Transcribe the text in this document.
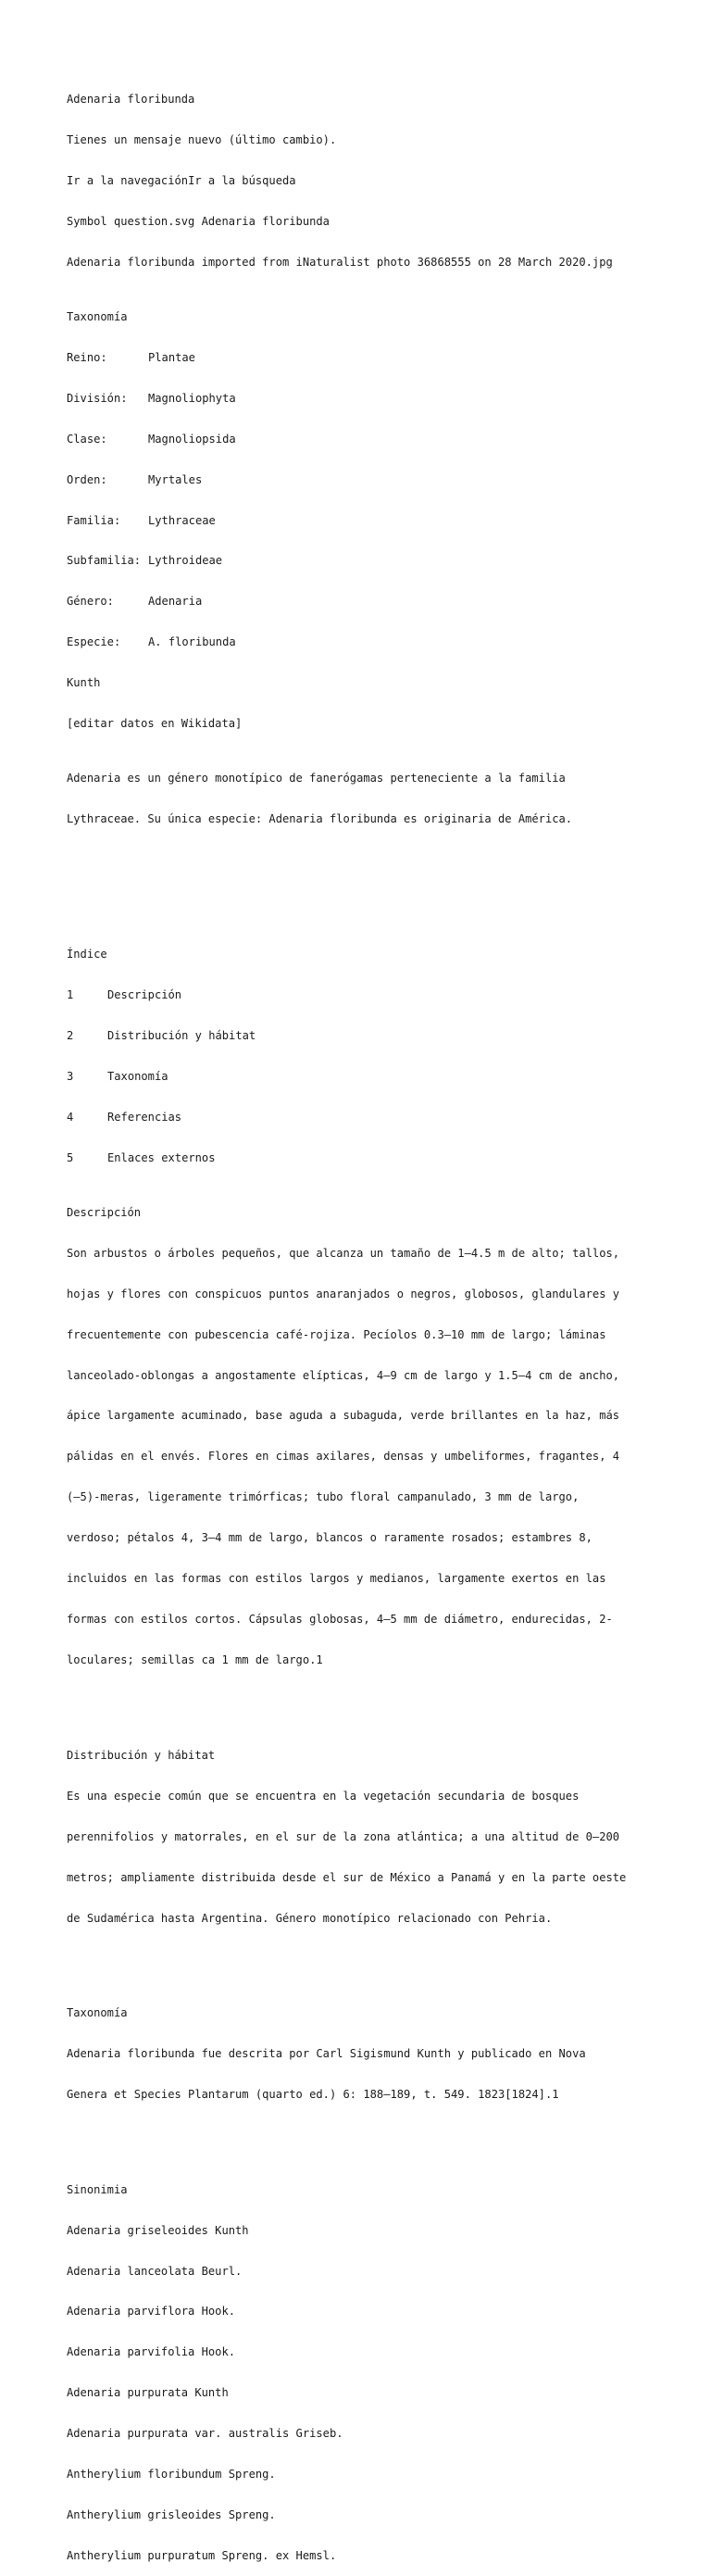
Adenaria floribunda

Tienes un mensaje nuevo (último cambio).

Ir a la navegaciónIr a la búsqueda

Symbol question.svg Adenaria floribunda

Adenaria floribunda imported from iNaturalist photo 36868555 on 28 March 2020.jpg

Taxonomía

Reino:	Plantae

División: Magnoliophyta

Clase:	Magnoliopsida

Orden:	Myrtales

Familia: Lythraceae

Subfamilia: Lythroideae

Género:	Adenaria

Especie: A. floribunda

Kunth

[editar datos en Wikidata]

Adenaria es un género monotípico de fanerógamas perteneciente a la familia

Lythraceae. Su única especie: Adenaria floribunda es originaria de América.

Índice

1	Descripción

2	Distribución y hábitat

3	Taxonomía

4	Referencias

5	Enlaces externos

Descripción

Son arbustos o árboles pequeños, que alcanza un tamaño de 1–4.5 m de alto; tallos,

hojas y flores con conspicuos puntos anaranjados o negros, globosos, glandulares y

frecuentemente con pubescencia café-rojiza. Pecíolos 0.3–10 mm de largo; láminas

lanceolado-oblongas a angostamente elípticas, 4–9 cm de largo y 1.5–4 cm de ancho,

ápice largamente acuminado, base aguda a subaguda, verde brillantes en la haz, más

pálidas en el envés. Flores en cimas axilares, densas y umbeliformes, fragantes, 4

(–5)-meras, ligeramente trimórficas; tubo floral campanulado, 3 mm de largo,

verdoso; pétalos 4, 3–4 mm de largo, blancos o raramente rosados; estambres 8,

incluidos en las formas con estilos largos y medianos, largamente exertos en las

formas con estilos cortos. Cápsulas globosas, 4–5 mm de diámetro, endurecidas, 2-

loculares; semillas ca 1 mm de largo.1

Distribución y hábitat

Es una especie común que se encuentra en la vegetación secundaria de bosques

perennifolios y matorrales, en el sur de la zona atlántica; a una altitud de 0–200

metros; ampliamente distribuida desde el sur de México a Panamá y en la parte oeste

de Sudamérica hasta Argentina. Género monotípico relacionado con Pehria.

Taxonomía

Adenaria floribunda fue descrita por Carl Sigismund Kunth y publicado en Nova

Genera et Species Plantarum (quarto ed.) 6: 188–189, t. 549. 1823[1824].1

Sinonimia

Adenaria griseleoides Kunth

Adenaria lanceolata Beurl.

Adenaria parviflora Hook.

Adenaria parvifolia Hook.

Adenaria purpurata Kunth

Adenaria purpurata var. australis Griseb.

Antherylium floribundum Spreng.

Antherylium grisleoides Spreng.

Antherylium purpuratum Spreng. ex Hemsl.
